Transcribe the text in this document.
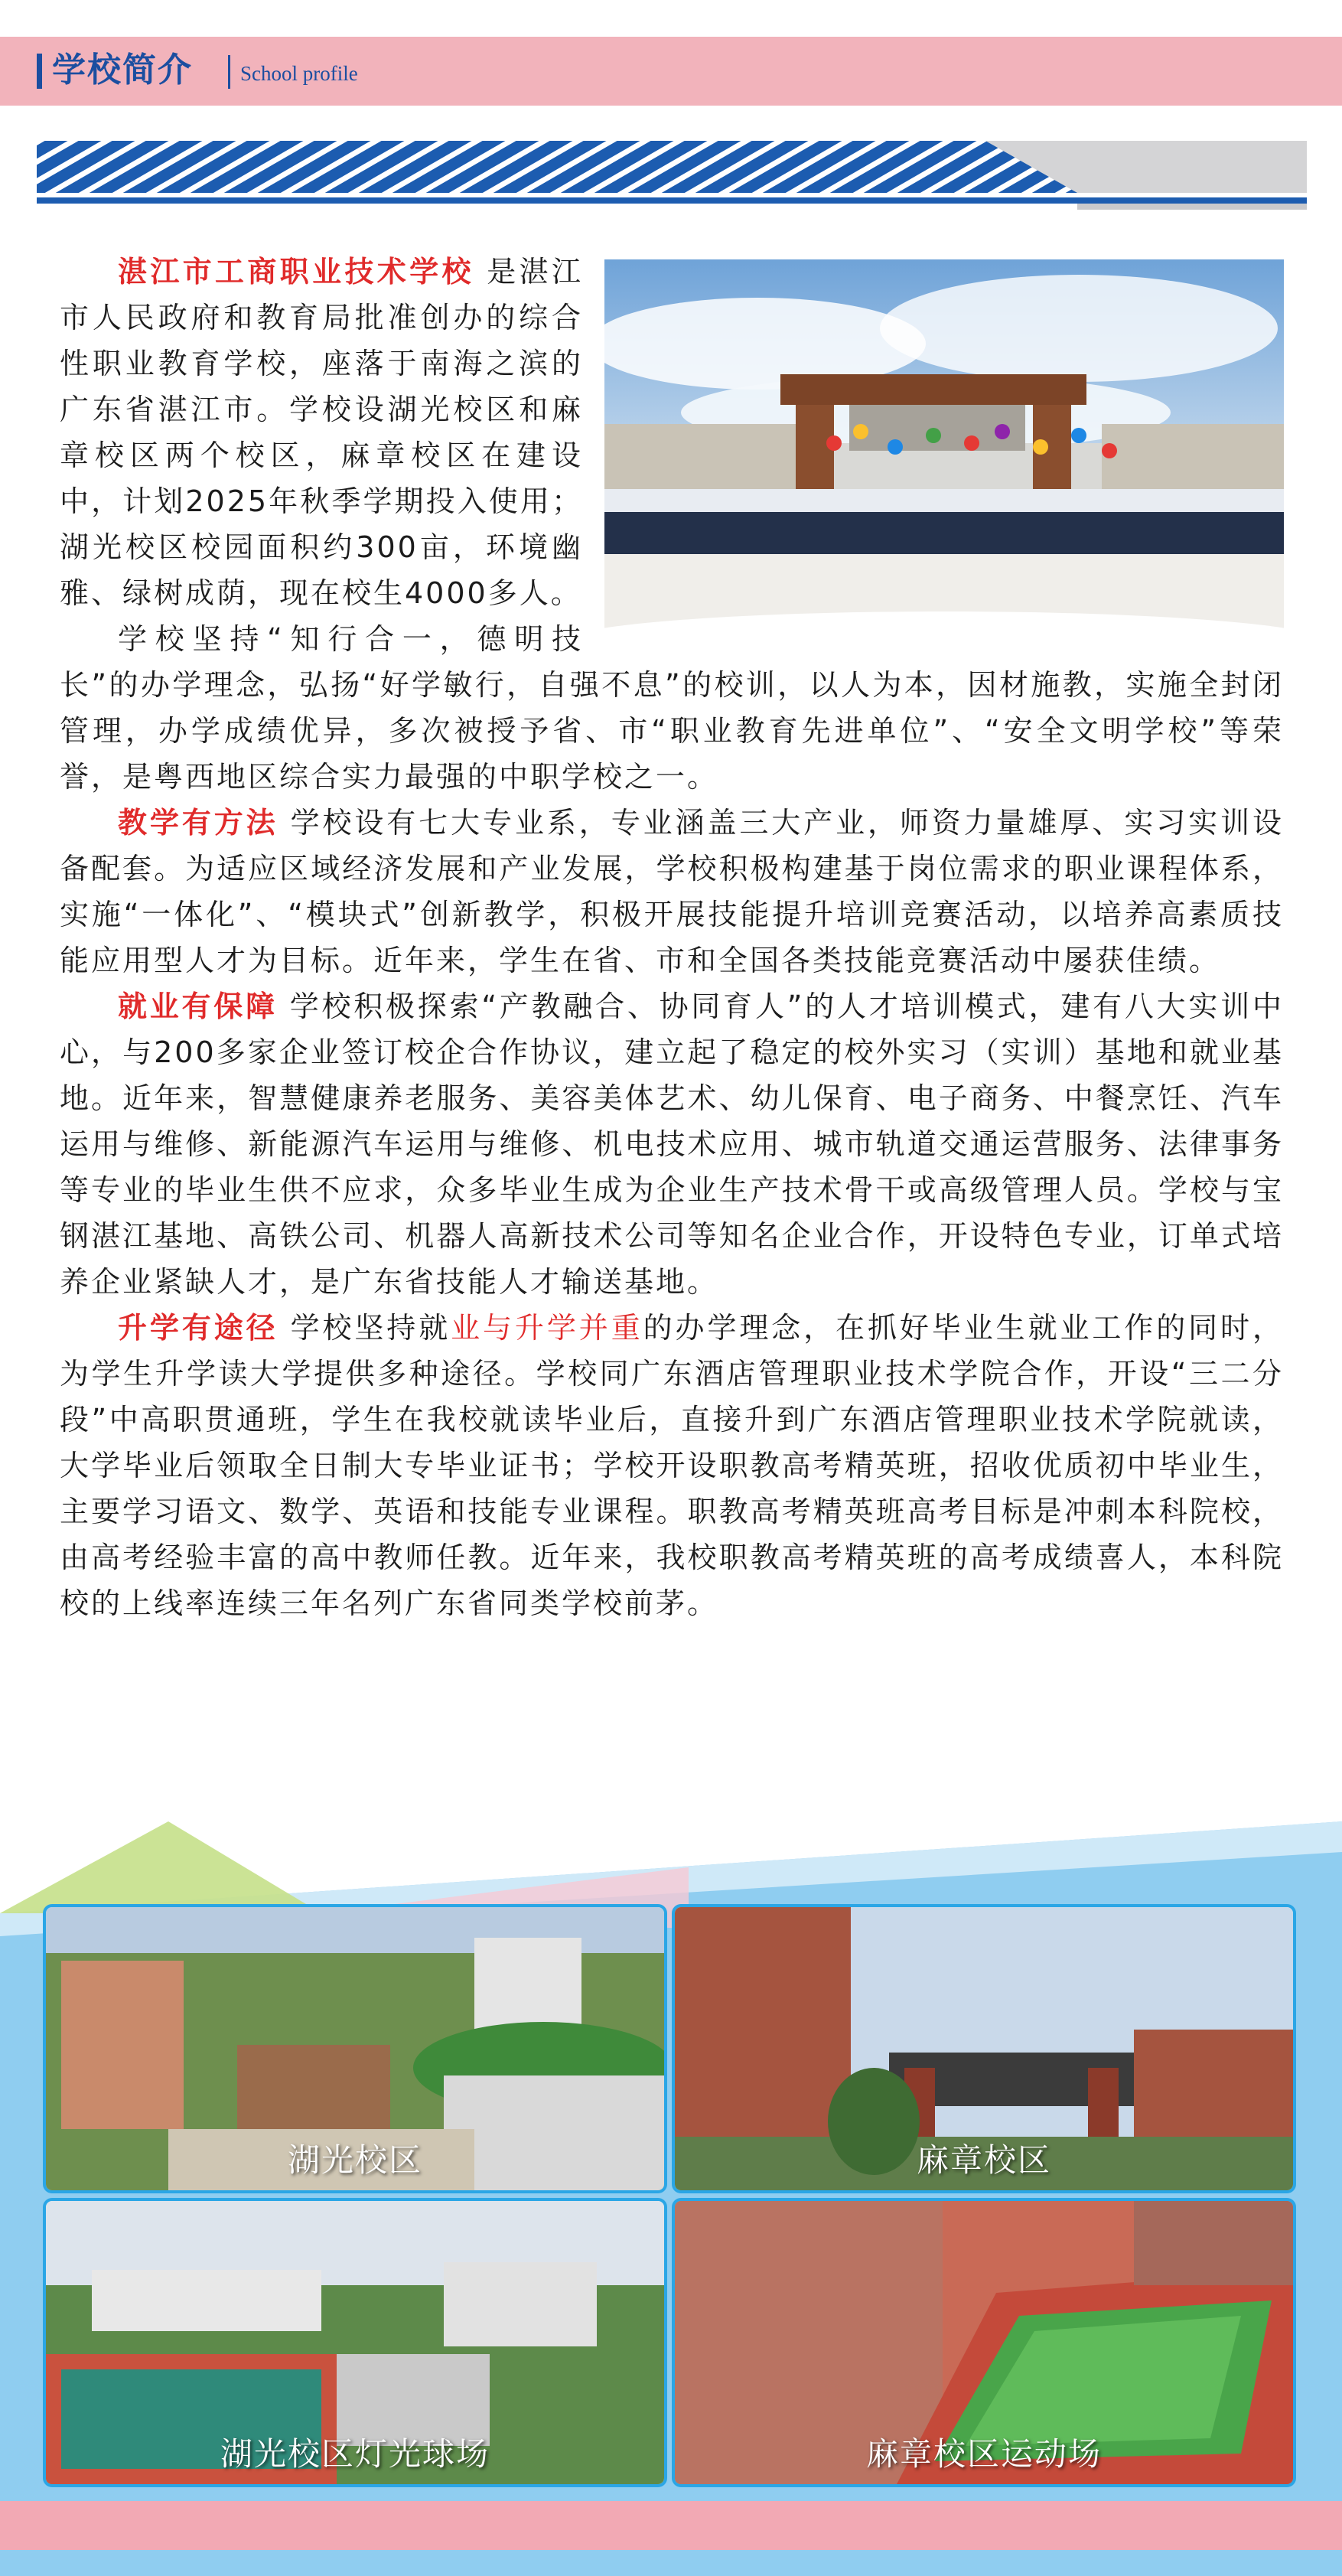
学校简介 School profile

湛江市工商职业技术学校 是湛江市人民政府和教育局批准创办的综合性职业教育学校，座落于南海之滨的广东省湛江市。学校设湖光校区和麻章校区两个校区，麻章校区在建设中，计划2025年秋季学期投入使用；湖光校区校园面积约300亩，环境幽雅、绿树成荫，现在校生4000多人。

学校坚持“知行合一，德明技长”的办学理念，弘扬“好学敏行，自强不息”的校训，以人为本，因材施教，实施全封闭管理，办学成绩优异，多次被授予省、市“职业教育先进单位”、“安全文明学校”等荣誉，是粤西地区综合实力最强的中职学校之一。

教学有方法 学校设有七大专业系，专业涵盖三大产业，师资力量雄厚、实习实训设备配套。为适应区域经济发展和产业发展，学校积极构建基于岗位需求的职业课程体系，实施“一体化”、“模块式”创新教学，积极开展技能提升培训竞赛活动，以培养高素质技能应用型人才为目标。近年来，学生在省、市和全国各类技能竞赛活动中屡获佳绩。

就业有保障 学校积极探索“产教融合、协同育人”的人才培训模式，建有八大实训中心，与200多家企业签订校企合作协议，建立起了稳定的校外实习（实训）基地和就业基地。近年来，智慧健康养老服务、美容美体艺术、幼儿保育、电子商务、中餐烹饪、汽车运用与维修、新能源汽车运用与维修、机电技术应用、城市轨道交通运营服务、法律事务等专业的毕业生供不应求，众多毕业生成为企业生产技术骨干或高级管理人员。学校与宝钢湛江基地、高铁公司、机器人高新技术公司等知名企业合作，开设特色专业，订单式培养企业紧缺人才，是广东省技能人才输送基地。

升学有途径 学校坚持就业与升学并重的办学理念，在抓好毕业生就业工作的同时，为学生升学读大学提供多种途径。学校同广东酒店管理职业技术学院合作，开设“三二分段”中高职贯通班，学生在我校就读毕业后，直接升到广东酒店管理职业技术学院就读，大学毕业后领取全日制大专毕业证书；学校开设职教高考精英班，招收优质初中毕业生，主要学习语文、数学、英语和技能专业课程。职教高考精英班高考目标是冲刺本科院校，由高考经验丰富的高中教师任教。近年来，我校职教高考精英班的高考成绩喜人，本科院校的上线率连续三年名列广东省同类学校前茅。

湖光校区	麻章校区
湖光校区灯光球场	麻章校区运动场
